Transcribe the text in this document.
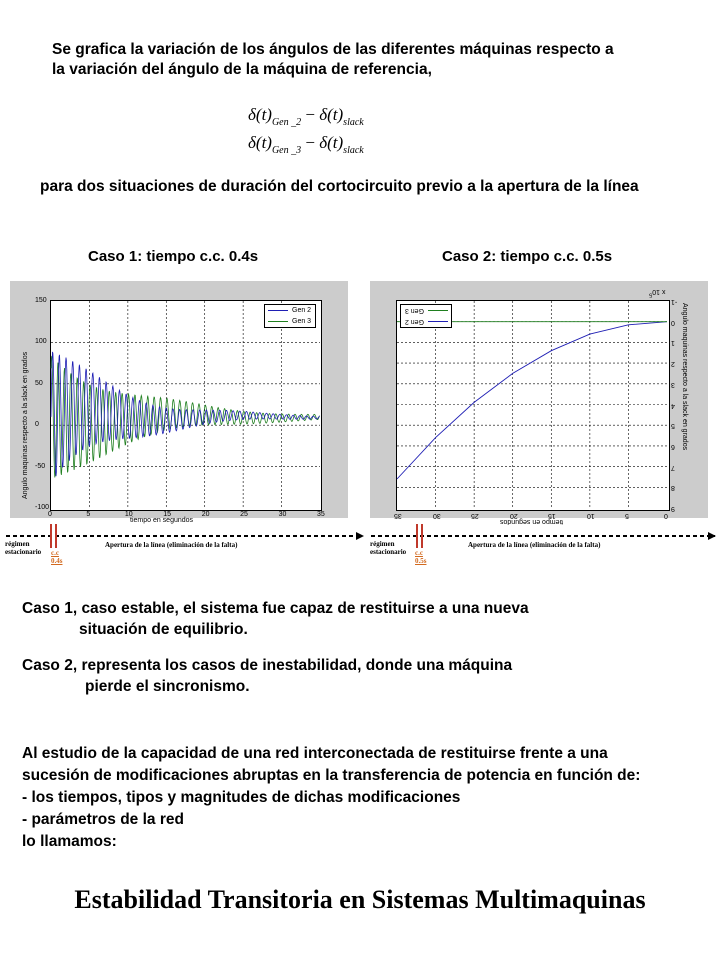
Se grafica la variación de los ángulos de las diferentes máquinas respecto a
la variación del ángulo de la máquina de referencia,
$\delta(t)_{Gen \_2} - \delta(t)_{slack}$
$\delta(t)_{Gen \_3} - \delta(t)_{slack}$
para dos situaciones de duración del cortocircuito previo a la apertura de la línea
Caso 1: tiempo c.c. 0.4s	Caso 2: tiempo c.c. 0.5s
Angulo maquinas respecto a la slack en grados
Gen 2
Gen 3
0	5	10	15	20	25	30	35
150
100
50
0
-50
-100
tiempo en segundos
Angulo maquinas respecto a la slack en grados
x $10^5$
Gen 2
Gen 3
0
5
10
15
20
25
30
35
9
8
7
6
5
4
3
2
1
0
-1
tiempo en segundos
régimen estacionario
Apertura de la línea (eliminación de la falta)
c.c 0.4s
régimen estacionario
Apertura de la línea (eliminación de la falta)
c.c 0.5s
Caso 1, caso estable, el sistema fue capaz de restituirse a una nueva
situación de equilibrio.
Caso 2, representa los casos de inestabilidad, donde una máquina
pierde el sincronismo.
Al estudio de la capacidad de una red interconectada de restituirse frente a una
sucesión de modificaciones abruptas en la transferencia de potencia en función de:
- los tiempos, tipos y magnitudes de dichas modificaciones
- parámetros de la red
lo llamamos:
Estabilidad Transitoria en Sistemas Multimaquinas
